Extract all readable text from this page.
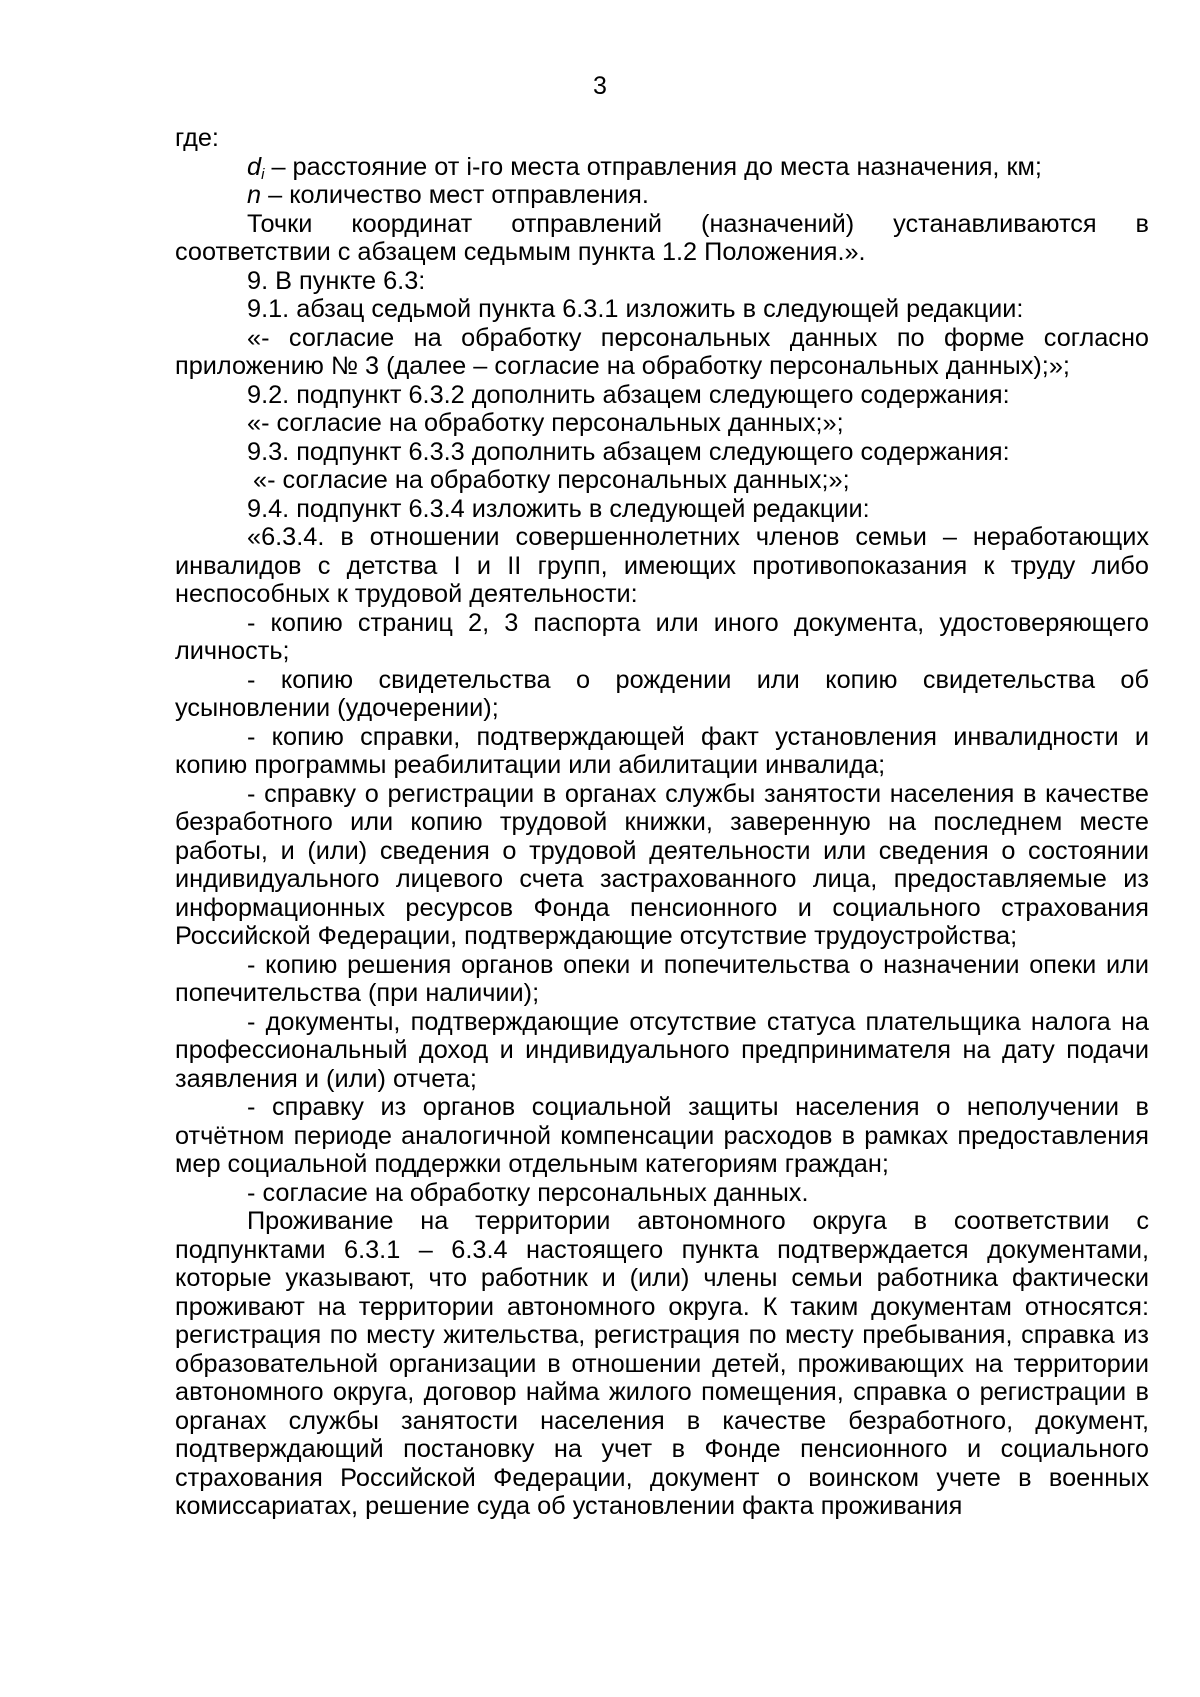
3

где:

$d_i$ – расстояние от i-го места отправления до места назначения, км;

n – количество мест отправления.

Точки координат отправлений (назначений) устанавливаются в соответствии с абзацем седьмым пункта 1.2 Положения.».

9. В пункте 6.3:

9.1. абзац седьмой пункта 6.3.1 изложить в следующей редакции:

«- согласие на обработку персональных данных по форме согласно приложению № 3 (далее – согласие на обработку персональных данных);»;

9.2. подпункт 6.3.2 дополнить абзацем следующего содержания:

«- согласие на обработку персональных данных;»;

9.3. подпункт 6.3.3 дополнить абзацем следующего содержания:

«- согласие на обработку персональных данных;»;

9.4. подпункт 6.3.4 изложить в следующей редакции:

«6.3.4. в отношении совершеннолетних членов семьи – неработающих инвалидов с детства I и II групп, имеющих противопоказания к труду либо неспособных к трудовой деятельности:

- копию страниц 2, 3 паспорта или иного документа, удостоверяющего личность;

- копию свидетельства о рождении или копию свидетельства об усыновлении (удочерении);

- копию справки, подтверждающей факт установления инвалидности и копию программы реабилитации или абилитации инвалида;

- справку о регистрации в органах службы занятости населения в качестве безработного или копию трудовой книжки, заверенную на последнем месте работы, и (или) сведения о трудовой деятельности или сведения о состоянии индивидуального лицевого счета застрахованного лица, предоставляемые из информационных ресурсов Фонда пенсионного и социального страхования Российской Федерации, подтверждающие отсутствие трудоустройства;

- копию решения органов опеки и попечительства о назначении опеки или попечительства (при наличии);

- документы, подтверждающие отсутствие статуса плательщика налога на профессиональный доход и индивидуального предпринимателя на дату подачи заявления и (или) отчета;

- справку из органов социальной защиты населения о неполучении в отчётном периоде аналогичной компенсации расходов в рамках предоставления мер социальной поддержки отдельным категориям граждан;

- согласие на обработку персональных данных.

Проживание на территории автономного округа в соответствии с подпунктами 6.3.1 – 6.3.4 настоящего пункта подтверждается документами, которые указывают, что работник и (или) члены семьи работника фактически проживают на территории автономного округа. К таким документам относятся: регистрация по месту жительства, регистрация по месту пребывания, справка из образовательной организации в отношении детей, проживающих на территории автономного округа, договор найма жилого помещения, справка о регистрации в органах службы занятости населения в качестве безработного, документ, подтверждающий постановку на учет в Фонде пенсионного и социального страхования Российской Федерации, документ о воинском учете в военных комиссариатах, решение суда об установлении факта проживания
